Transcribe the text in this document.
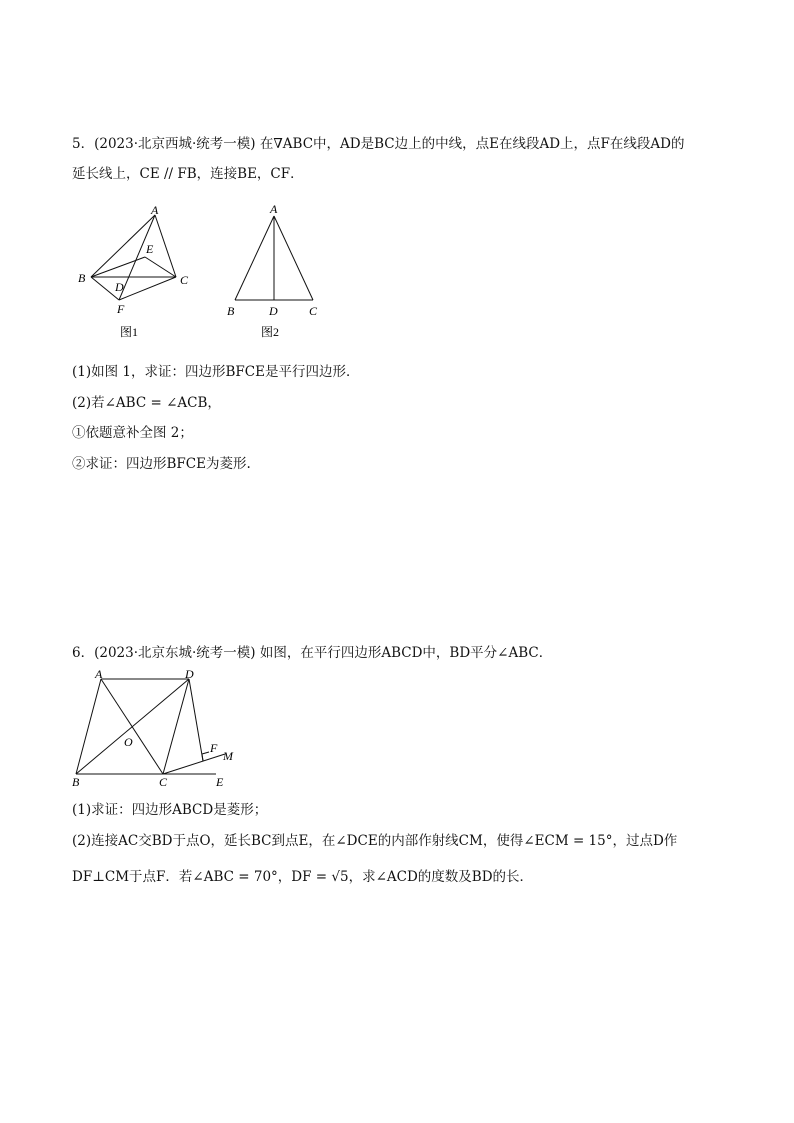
5．(2023·北京西城·统考一模) 在∇ABC中，AD是BC边上的中线，点E在线段AD上，点F在线段AD的
延长线上，CE // FB，连接BE，CF．
A
B	C
D
E
F
图1
A
B	D	C
图2
(1)如图 1，求证：四边形BFCE是平行四边形．
(2)若∠ABC = ∠ACB，
①依题意补全图 2；
②求证：四边形BFCE为菱形.
6．(2023·北京东城·统考一模) 如图，在平行四边形ABCD中，BD平分∠ABC．
A	D
O
B	C	E
F
M
(1)求证：四边形ABCD是菱形；
(2)连接AC交BD于点O，延长BC到点E，在∠DCE的内部作射线CM，使得∠ECM = 15°，过点D作
DF⊥CM于点F．若∠ABC = 70°，DF = √5，求∠ACD的度数及BD的长．
